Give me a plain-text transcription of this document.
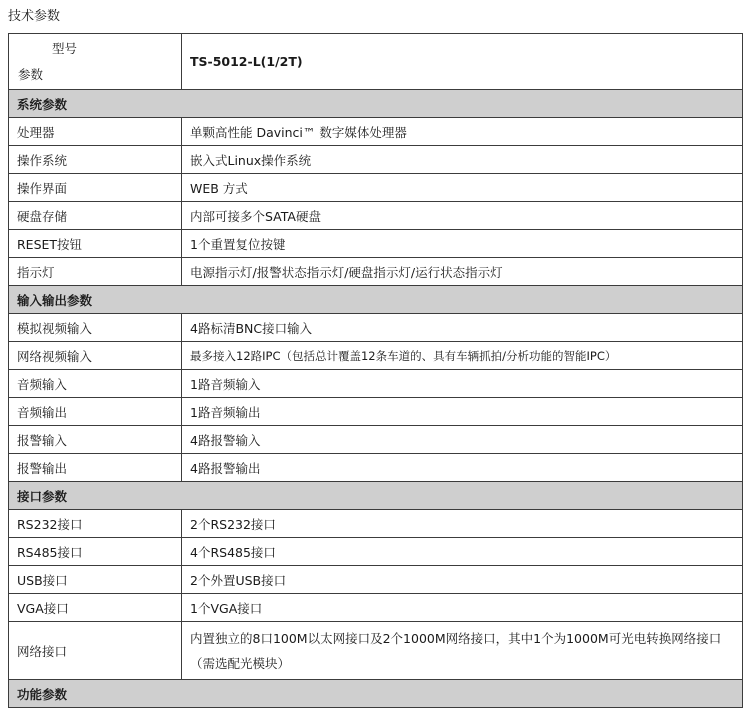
技术参数
型号
参数	TS-5012-L(1/2T)
系统参数	
处理器	单颗高性能 Davinci™ 数字媒体处理器
操作系统	嵌入式Linux操作系统
操作界面	WEB 方式
硬盘存储	内部可接多个SATA硬盘
RESET按钮	1个重置复位按键
指示灯	电源指示灯/报警状态指示灯/硬盘指示灯/运行状态指示灯
输入输出参数	
模拟视频输入	4路标清BNC接口输入
网络视频输入	最多接入12路IPC（包括总计覆盖12条车道的、具有车辆抓拍/分析功能的智能IPC）
音频输入	1路音频输入
音频输出	1路音频输出
报警输入	4路报警输入
报警输出	4路报警输出
接口参数	
RS232接口	2个RS232接口
RS485接口	4个RS485接口
USB接口	2个外置USB接口
VGA接口	1个VGA接口
网络接口	内置独立的8口100M以太网接口及2个1000M网络接口，其中1个为1000M可光电转换网络接口（需选配光模块）
功能参数	
